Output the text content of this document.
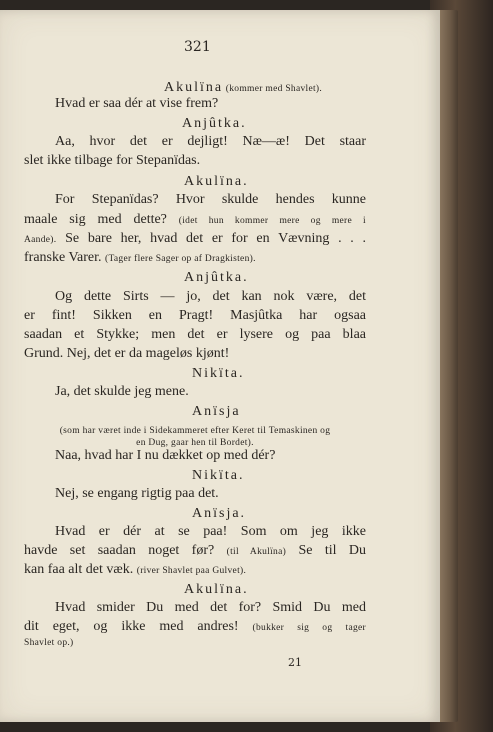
321
Akulïna (kommer med Shavlet).
Hvad er saa dér at vise frem?
Anjûtka.
Aa, hvor det er dejligt! Næ—æ! Det staar
slet ikke tilbage for Stepanïdas.
Akulïna.
For Stepanïdas? Hvor skulde hendes kunne
maale sig med dette? (idet hun kommer mere og mere i
Aande). Se bare her, hvad det er for en Vævning . . .
franske Varer. (Tager flere Sager op af Dragkisten).
Anjûtka.
Og dette Sirts — jo, det kan nok være, det
er fint! Sikken en Pragt! Masjûtka har ogsaa
saadan et Stykke; men det er lysere og paa blaa
Grund. Nej, det er da mageløs kjønt!
Nikïta.
Ja, det skulde jeg mene.
Anïsja
(som har været inde i Sidekammeret efter Keret til Temaskinen og
en Dug, gaar hen til Bordet).
Naa, hvad har I nu dækket op med dér?
Nikïta.
Nej, se engang rigtig paa det.
Anïsja.
Hvad er dér at se paa! Som om jeg ikke
havde set saadan noget før? (til Akulïna) Se til Du
kan faa alt det væk. (river Shavlet paa Gulvet).
Akulïna.
Hvad smider Du med det for? Smid Du med
dit eget, og ikke med andres! (bukker sig og tager
Shavlet op.)
21
